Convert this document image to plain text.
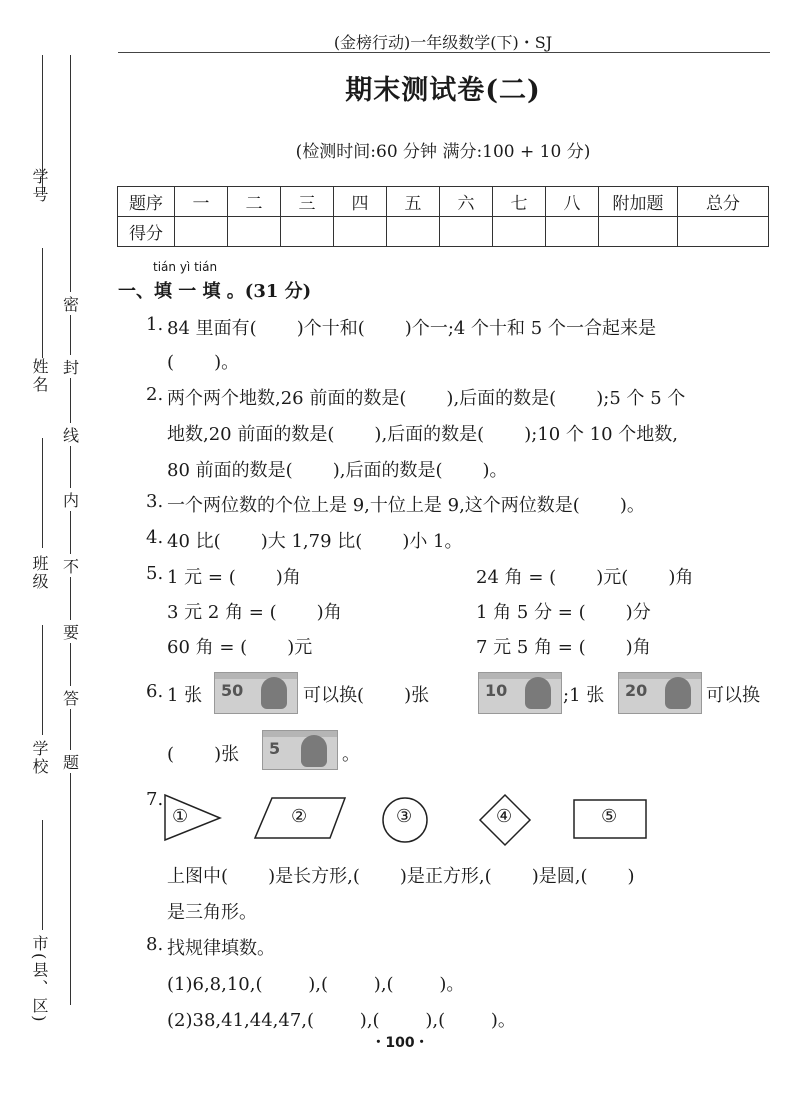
学号
姓名
班级
学校
市(县、区)
密
封
线
内
不
要
答
题
(金榜行动)一年级数学(下)・SJ
期末测试卷(二)
(检测时间:60 分钟 满分:100 + 10 分)
题序	一	二	三	四	五	六	七	八	附加题	总分
得分										
tián yì tián
一、填 一 填 。(31 分)
1. 84 里面有(       )个十和(       )个一;4 个十和 5 个一合起来是
(       )。
2. 两个两个地数,26 前面的数是(       ),后面的数是(       );5 个 5 个
地数,20 前面的数是(       ),后面的数是(       );10 个 10 个地数,
80 前面的数是(       ),后面的数是(       )。
3. 一个两位数的个位上是 9,十位上是 9,这个两位数是(       )。
4. 40 比(       )大 1,79 比(       )小 1。
5. 1 元 = (       )角	24 角 = (       )元(       )角
3 元 2 角 = (       )角	1 角 5 分 = (       )分
60 角 = (       )元	7 元 5 角 = (       )角
6. 1 张 50	可以换(       )张	10	;1 张 20	可以换
(       )张 5	。
7.
①	②	③	④	⑤
上图中(       )是长方形,(       )是正方形,(       )是圆,(       )
是三角形。
8. 找规律填数。
(1)6,8,10,(        ),(        ),(        )。
(2)38,41,44,47,(        ),(        ),(        )。
・100・
